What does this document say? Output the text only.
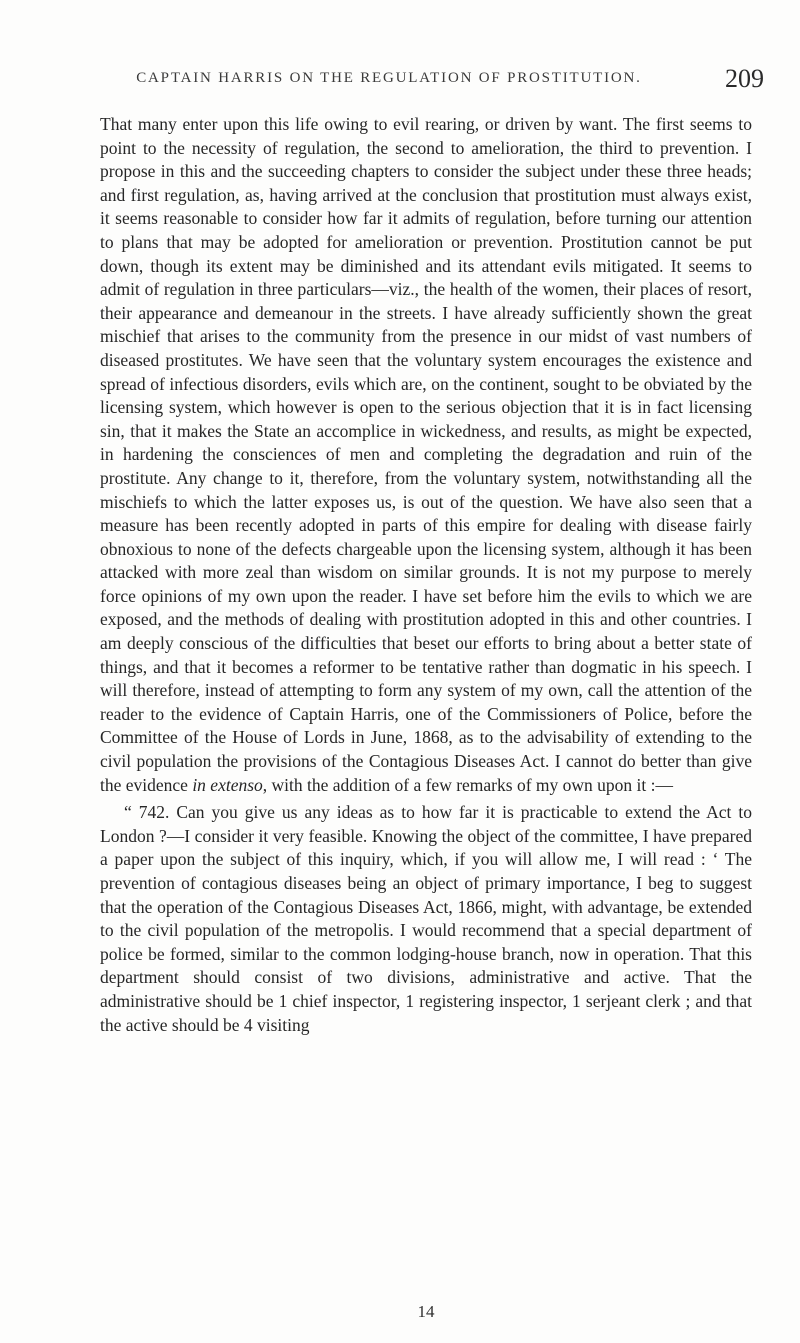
CAPTAIN HARRIS ON THE REGULATION OF PROSTITUTION.	209

That many enter upon this life owing to evil rearing, or driven by want. The first seems to point to the necessity of regulation, the second to amelioration, the third to prevention. I propose in this and the succeeding chapters to consider the subject under these three heads; and first regulation, as, having arrived at the conclusion that prostitution must always exist, it seems reasonable to consider how far it admits of regulation, before turning our attention to plans that may be adopted for amelioration or prevention. Prostitution cannot be put down, though its extent may be diminished and its attendant evils mitigated. It seems to admit of regulation in three particulars—viz., the health of the women, their places of resort, their appearance and demeanour in the streets. I have already sufficiently shown the great mischief that arises to the community from the presence in our midst of vast numbers of diseased prostitutes. We have seen that the voluntary system encourages the existence and spread of infectious disorders, evils which are, on the continent, sought to be obviated by the licensing system, which however is open to the serious objection that it is in fact licensing sin, that it makes the State an accomplice in wickedness, and results, as might be expected, in hardening the consciences of men and completing the degradation and ruin of the prostitute. Any change to it, therefore, from the voluntary system, notwithstanding all the mischiefs to which the latter exposes us, is out of the question. We have also seen that a measure has been recently adopted in parts of this empire for dealing with disease fairly obnoxious to none of the defects chargeable upon the licensing system, although it has been attacked with more zeal than wisdom on similar grounds. It is not my purpose to merely force opinions of my own upon the reader. I have set before him the evils to which we are exposed, and the methods of dealing with prostitution adopted in this and other countries. I am deeply conscious of the difficulties that beset our efforts to bring about a better state of things, and that it becomes a reformer to be tentative rather than dogmatic in his speech. I will therefore, instead of attempting to form any system of my own, call the attention of the reader to the evidence of Captain Harris, one of the Commissioners of Police, before the Committee of the House of Lords in June, 1868, as to the advisability of extending to the civil population the provisions of the Contagious Diseases Act. I cannot do better than give the evidence in extenso, with the addition of a few remarks of my own upon it :—

“ 742. Can you give us any ideas as to how far it is practicable to extend the Act to London ?—I consider it very feasible. Knowing the object of the committee, I have prepared a paper upon the subject of this inquiry, which, if you will allow me, I will read : ‘ The prevention of contagious diseases being an object of primary importance, I beg to suggest that the operation of the Contagious Diseases Act, 1866, might, with advantage, be extended to the civil population of the metropolis. I would recommend that a special department of police be formed, similar to the common lodging-house branch, now in operation. That this department should consist of two divisions, administrative and active. That the administrative should be 1 chief inspector, 1 registering inspector, 1 serjeant clerk ; and that the active should be 4 visiting

14
